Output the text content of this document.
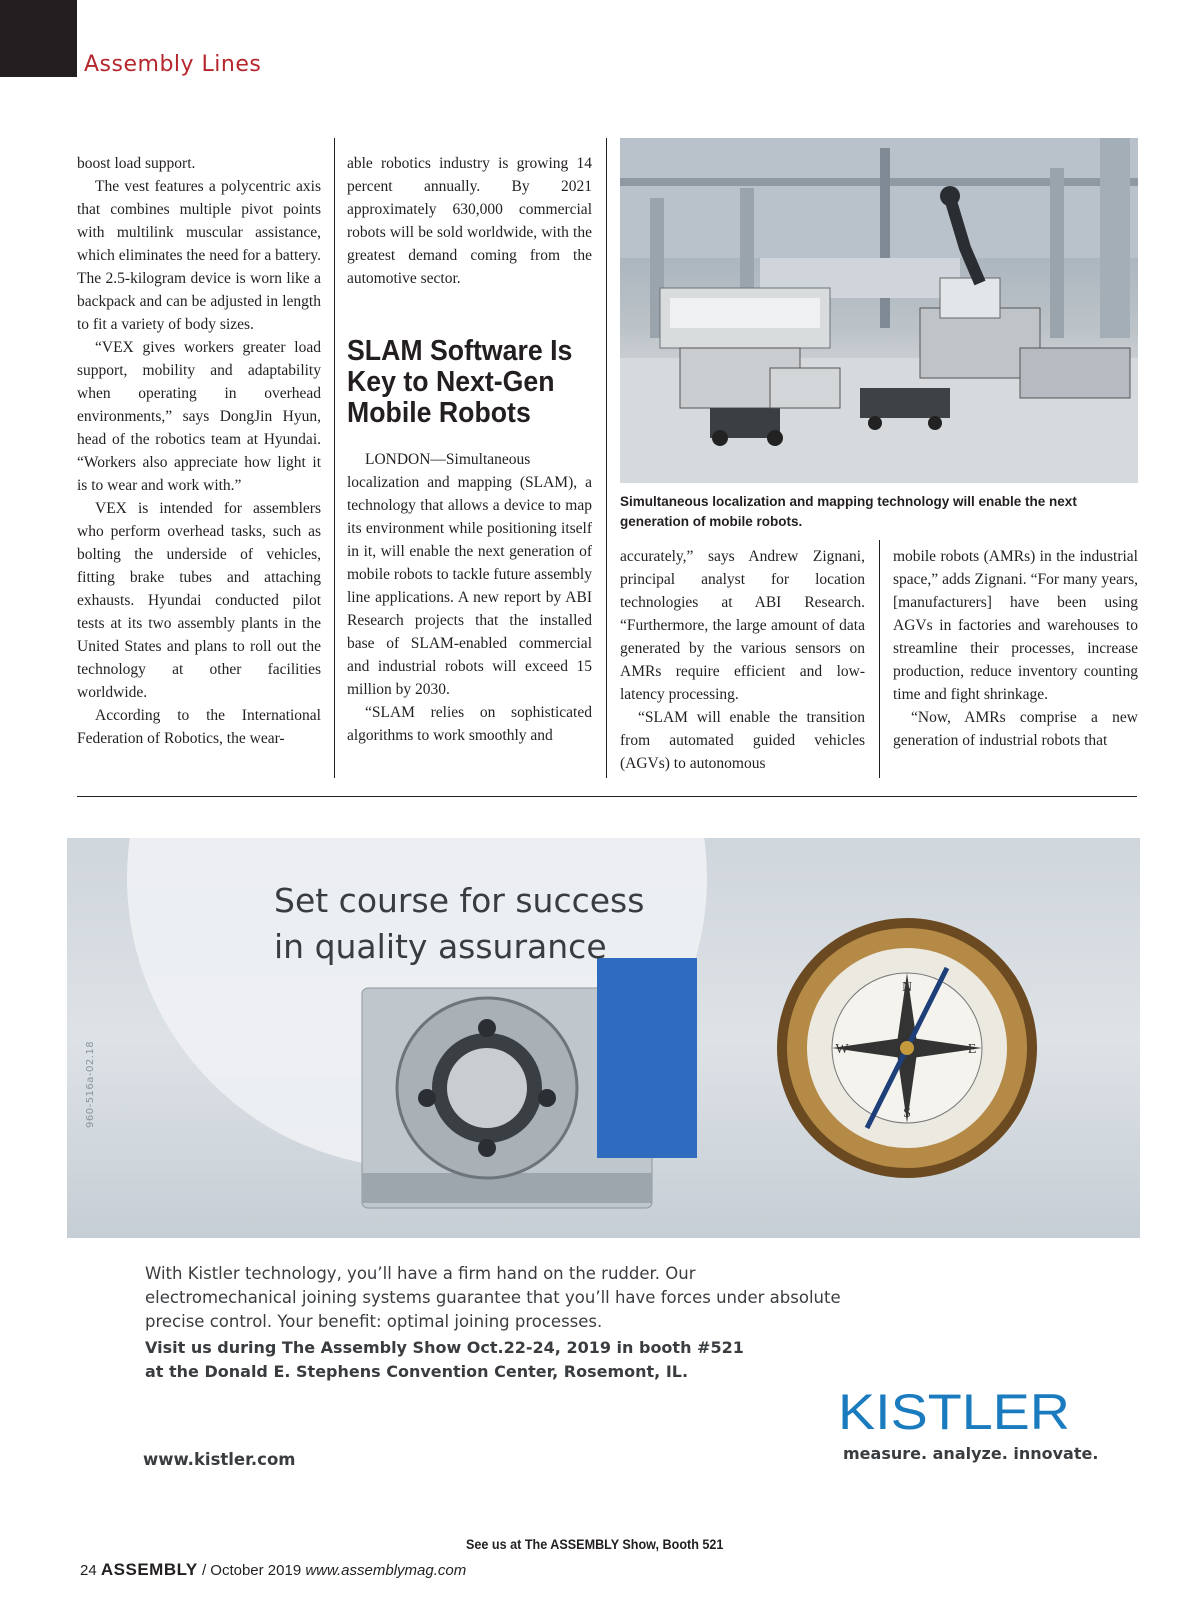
Assembly Lines

boost load support.

The vest features a polycentric axis that combines multiple pivot points with multilink muscular assistance, which eliminates the need for a battery. The 2.5-kilogram device is worn like a backpack and can be adjusted in length to fit a variety of body sizes.

“VEX gives workers greater load support, mobility and adaptability when operating in overhead environments,” says DongJin Hyun, head of the robotics team at Hyundai. “Workers also appreciate how light it is to wear and work with.”

VEX is intended for assemblers who perform overhead tasks, such as bolting the underside of vehicles, fitting brake tubes and attaching exhausts. Hyundai conducted pilot tests at its two assembly plants in the United States and plans to roll out the technology at other facilities worldwide.

According to the International Federation of Robotics, the wear-

able robotics industry is growing 14 percent annually. By 2021 approximately 630,000 commercial robots will be sold worldwide, with the greatest demand coming from the automotive sector.

SLAM Software Is Key to Next-Gen Mobile Robots

LONDON—Simultaneous localization and mapping (SLAM), a technology that allows a device to map its environment while positioning itself in it, will enable the next generation of mobile robots to tackle future assembly line applications. A new report by ABI Research projects that the installed base of SLAM-enabled commercial and industrial robots will exceed 15 million by 2030.

“SLAM relies on sophisticated algorithms to work smoothly and

Simultaneous localization and mapping technology will enable the next generation of mobile robots.

accurately,” says Andrew Zignani, principal analyst for location technologies at ABI Research. “Furthermore, the large amount of data generated by the various sensors on AMRs require efficient and low-latency processing.

“SLAM will enable the transition from automated guided vehicles (AGVs) to autonomous

mobile robots (AMRs) in the industrial space,” adds Zignani. “For many years, [manufacturers] have been using AGVs in factories and warehouses to streamline their processes, increase production, reduce inventory counting time and fight shrinkage.

“Now, AMRs comprise a new generation of industrial robots that

N
S
E
W
Set course for success
in quality assurance
960-516a-02.18
With Kistler technology, you’ll have a firm hand on the rudder. Our electromechanical joining systems guarantee that you’ll have forces under absolute precise control. Your benefit: optimal joining processes.
Visit us during The Assembly Show Oct.22-24, 2019 in booth #521
at the Donald E. Stephens Convention Center, Rosemont, IL.
www.kistler.com
KISTLER
measure. analyze. innovate.
See us at The ASSEMBLY Show, Booth 521
24 ASSEMBLY / October 2019 www.assemblymag.com
